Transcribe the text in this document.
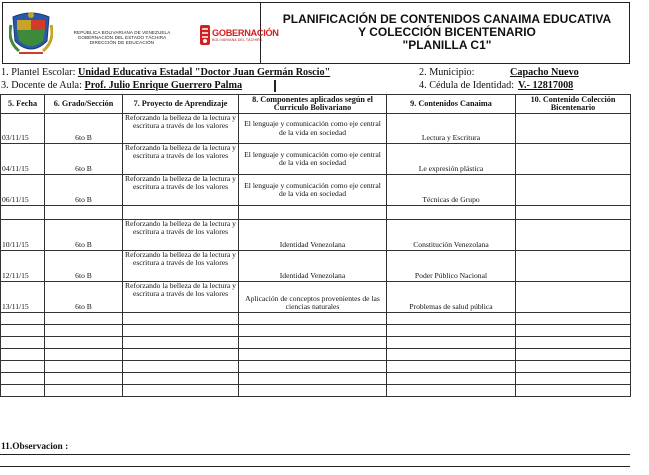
REPÚBLICA BOLIVARIANA DE VENEZUELA
GOBERNACIÓN DEL ESTADO TÁCHIRA
DIRECCIÓN DE EDUCACIÓN
GOBERNACIÓN
BOLIVARIANA DEL TÁCHIRA
PLANIFICACIÓN DE CONTENIDOS CANAIMA EDUCATIVA
Y COLECCIÓN BICENTENARIO
"PLANILLA C1"
1. Plantel Escolar: Unidad Educativa Estadal "Doctor Juan Germán Roscio"	2. Municipio:	Capacho Nuevo
3. Docente de Aula: Prof. Julio Enrique Guerrero Palma	4. Cédula de Identidad: V.- 12817008
5. Fecha	6. Grado/Sección	7. Proyecto de Aprendizaje	8. Componentes aplicados según el Curriculo Bolivariano	9. Contenidos Canaima	10. Contenido Colección Bicentenario
03/11/15	6to B	Reforzando la belleza de la lectura y escritura a través de los valores	El lenguaje y comunicación como eje central de la vida en sociedad	Lectura y Escritura	
04/11/15	6to B	Reforzando la belleza de la lectura y escritura a través de los valores	El lenguaje y comunicación como eje central de la vida en sociedad	Le expresión plástica	
06/11/15	6to B	Reforzando la belleza de la lectura y escritura a través de los valores	El lenguaje y comunicación como eje central de la vida en sociedad	Técnicas de Grupo	

10/11/15	6to B	Reforzando la belleza de la lectura y escritura a través de los valores	Identidad Venezolana	Constitución Venezolana	
12/11/15	6to B	Reforzando la belleza de la lectura y escritura a través de los valores	Identidad Venezolana	Poder Público Nacional	
13/11/15	6to B	Reforzando la belleza de la lectura y escritura a través de los valores	Aplicación de conceptos provenientes de las ciencias naturales	Problemas de salud pública	

11.Observacion :
